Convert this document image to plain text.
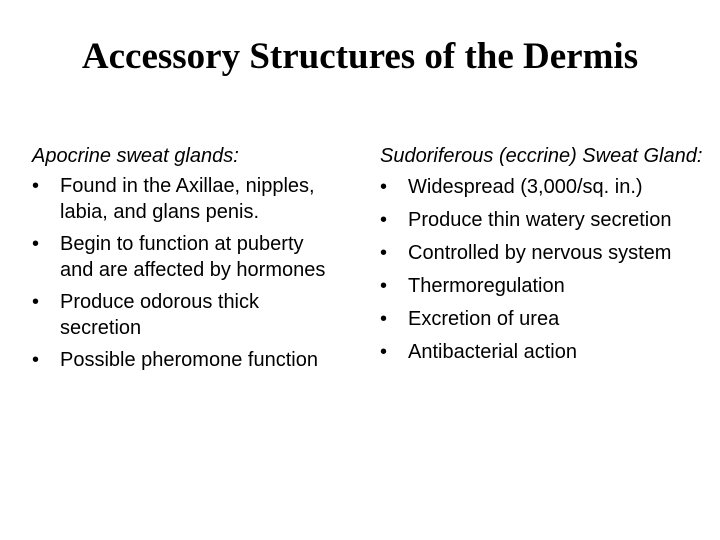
Accessory Structures of the Dermis
Apocrine sweat glands:
• Found in the Axillae, nipples, labia, and glans penis.
• Begin to function at puberty and are affected by hormones
• Produce odorous thick secretion
• Possible pheromone function
Sudoriferous (eccrine) Sweat Gland:
• Widespread (3,000/sq. in.)
• Produce thin watery secretion
• Controlled by nervous system
• Thermoregulation
• Excretion of urea
• Antibacterial action
